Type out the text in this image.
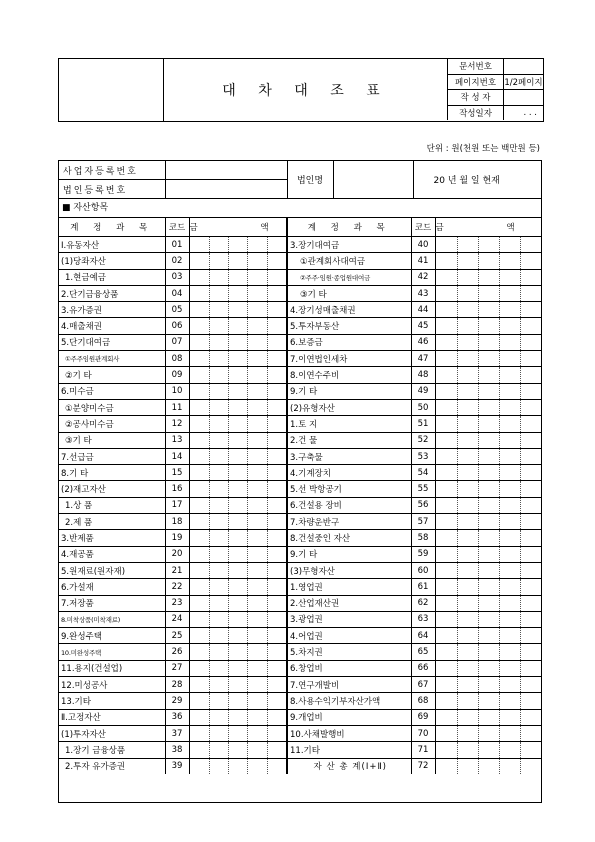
대 차 대 조 표
문서번호	
페이지번호	1/2페이지
작 성 자	
작성일자	. . .
단위 : 원(천원 또는 백만원 등)
사업자등록번호		법인명		20 년 월 일 현재
법인등록번호				
■ 자산항목
계 정 과 목	코드	금 액	계 정 과 목	코드	금 액
Ⅰ.유동자산	01		3.장기대여금	40	

(1)당좌자산	02		①관계회사대여금	41	

1.현금예금	03		②주주·임원·종업원대여금	42	

2.단기금융상품	04		③기 타	43	

3.유가증권	05		4.장기성매출채권	44	

4.매출채권	06		5.투자부동산	45	

5.단기대여금	07		6.보증금	46	

①주주임원관계회사	08		7.이연법인세차	47	

②기 타	09		8.이연수주비	48	

6.미수금	10		9.기 타	49	

①분양미수금	11		(2)유형자산	50	

②공사미수금	12		1.토 지	51	

③기 타	13		2.건 물	52	

7.선급금	14		3.구축물	53	

8.기 타	15		4.기계장치	54	

(2)재고자산	16		5.선 박항공기	55	

1.상 품	17		6.건설용 장비	56	

2.제 품	18		7.차량운반구	57	

3.반제품	19		8.건설중인 자산	58	

4.재공품	20		9.기 타	59	

5.원재료(원자재)	21		(3)무형자산	60	

6.가설재	22		1.영업권	61	

7.저장품	23		2.산업재산권	62	

8.미착상품(미착재료)	24		3.광업권	63	

9.완성주택	25		4.어업권	64	

10.미완성주택	26		5.차지권	65	

11.용지(건설업)	27		6.창업비	66	

12.미성공사	28		7.연구개발비	67	

13.기타	29		8.사용수익기부자산가액	68	

Ⅱ.고정자산	36		9.개업비	69	

(1)투자자산	37		10.사채발행비	70	

1.장기 금융상품	38		11.기타	71	

2.투자 유가증권	39		자 산 총 계(Ⅰ+Ⅱ)	72	
